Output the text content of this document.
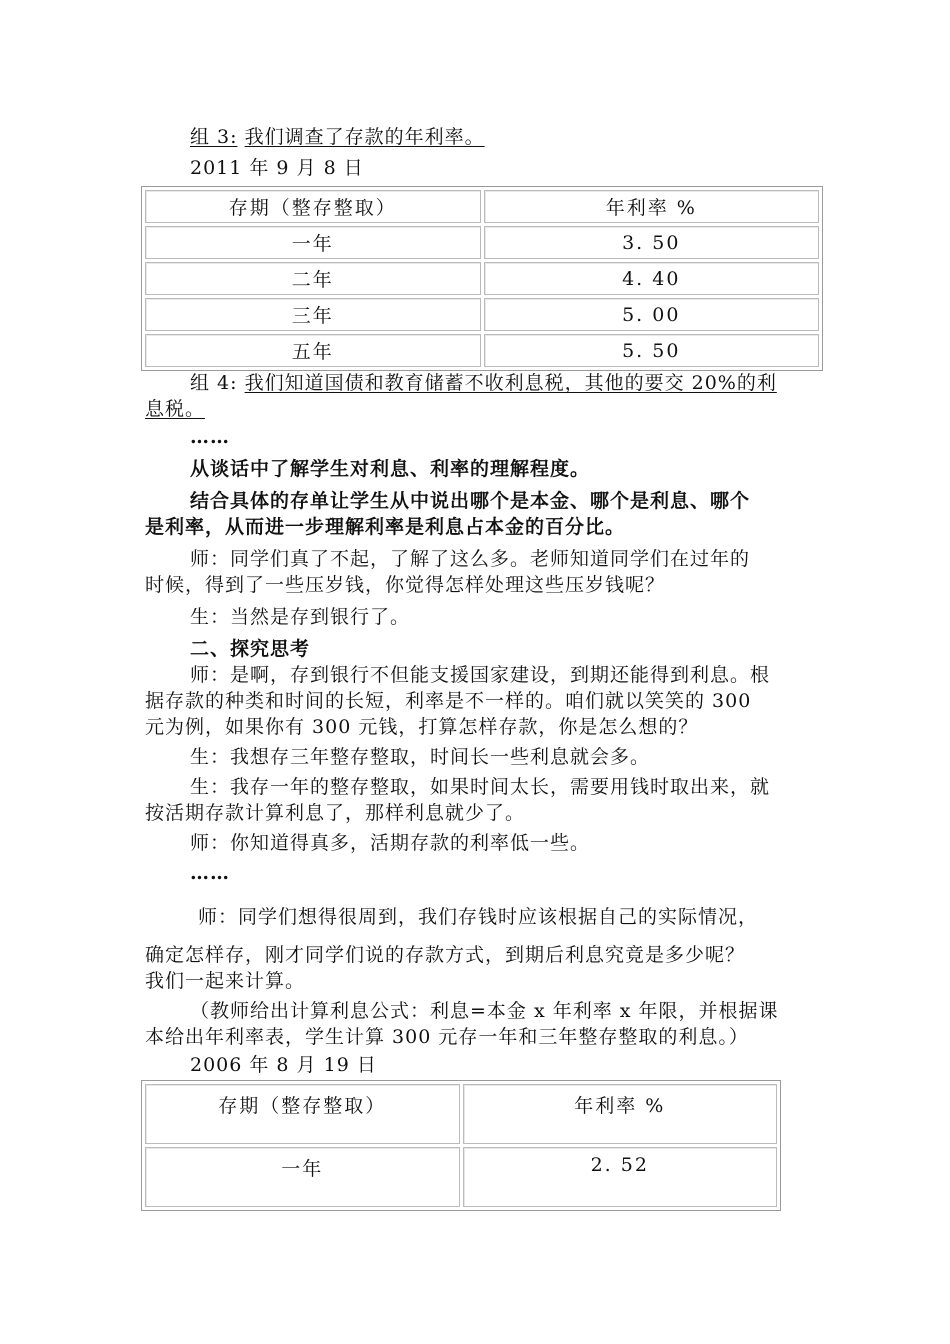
组 3: 我们调查了存款的年利率。
2011 年 9 月 8 日
存期（整存整取）	年利率 %
一年	3. 50
二年	4. 40
三年	5. 00
五年	5. 50
组 4: 我们知道国债和教育储蓄不收利息税，其他的要交 20%的利
息税。
……
从谈话中了解学生对利息、利率的理解程度。
结合具体的存单让学生从中说出哪个是本金、哪个是利息、哪个
是利率，从而进一步理解利率是利息占本金的百分比。
师：同学们真了不起，了解了这么多。老师知道同学们在过年的
时候，得到了一些压岁钱，你觉得怎样处理这些压岁钱呢？
生：当然是存到银行了。
二、探究思考
师：是啊，存到银行不但能支援国家建设，到期还能得到利息。根
据存款的种类和时间的长短，利率是不一样的。咱们就以笑笑的 300
元为例，如果你有 300 元钱，打算怎样存款，你是怎么想的？
生：我想存三年整存整取，时间长一些利息就会多。
生：我存一年的整存整取，如果时间太长，需要用钱时取出来，就
按活期存款计算利息了，那样利息就少了。
师：你知道得真多，活期存款的利率低一些。
……
师：同学们想得很周到，我们存钱时应该根据自己的实际情况，
确定怎样存，刚才同学们说的存款方式，到期后利息究竟是多少呢？
我们一起来计算。
（教师给出计算利息公式：利息=本金 x 年利率 x 年限，并根据课
本给出年利率表，学生计算 300 元存一年和三年整存整取的利息。）
2006 年 8 月 19 日
存期（整存整取）	年利率 %
一年	2. 52
